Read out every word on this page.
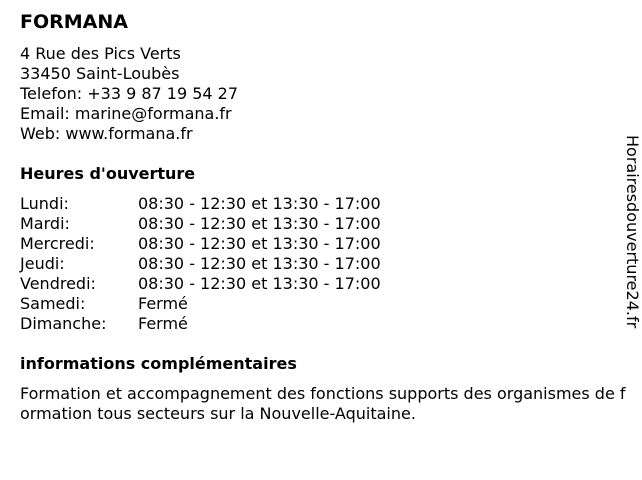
FORMANA
4 Rue des Pics Verts
33450 Saint-Loubès
Telefon: +33 9 87 19 54 27
Email: marine@formana.fr
Web: www.formana.fr
Heures d'ouverture
Lundi:	08:30 - 12:30 et 13:30 - 17:00
Mardi:	08:30 - 12:30 et 13:30 - 17:00
Mercredi:	08:30 - 12:30 et 13:30 - 17:00
Jeudi:	08:30 - 12:30 et 13:30 - 17:00
Vendredi:	08:30 - 12:30 et 13:30 - 17:00
Samedi:	Fermé
Dimanche:	Fermé
informations complémentaires
Formation et accompagnement des fonctions supports des organismes de formation tous secteurs sur la Nouvelle-Aquitaine.
Horairesdouverture24.fr
